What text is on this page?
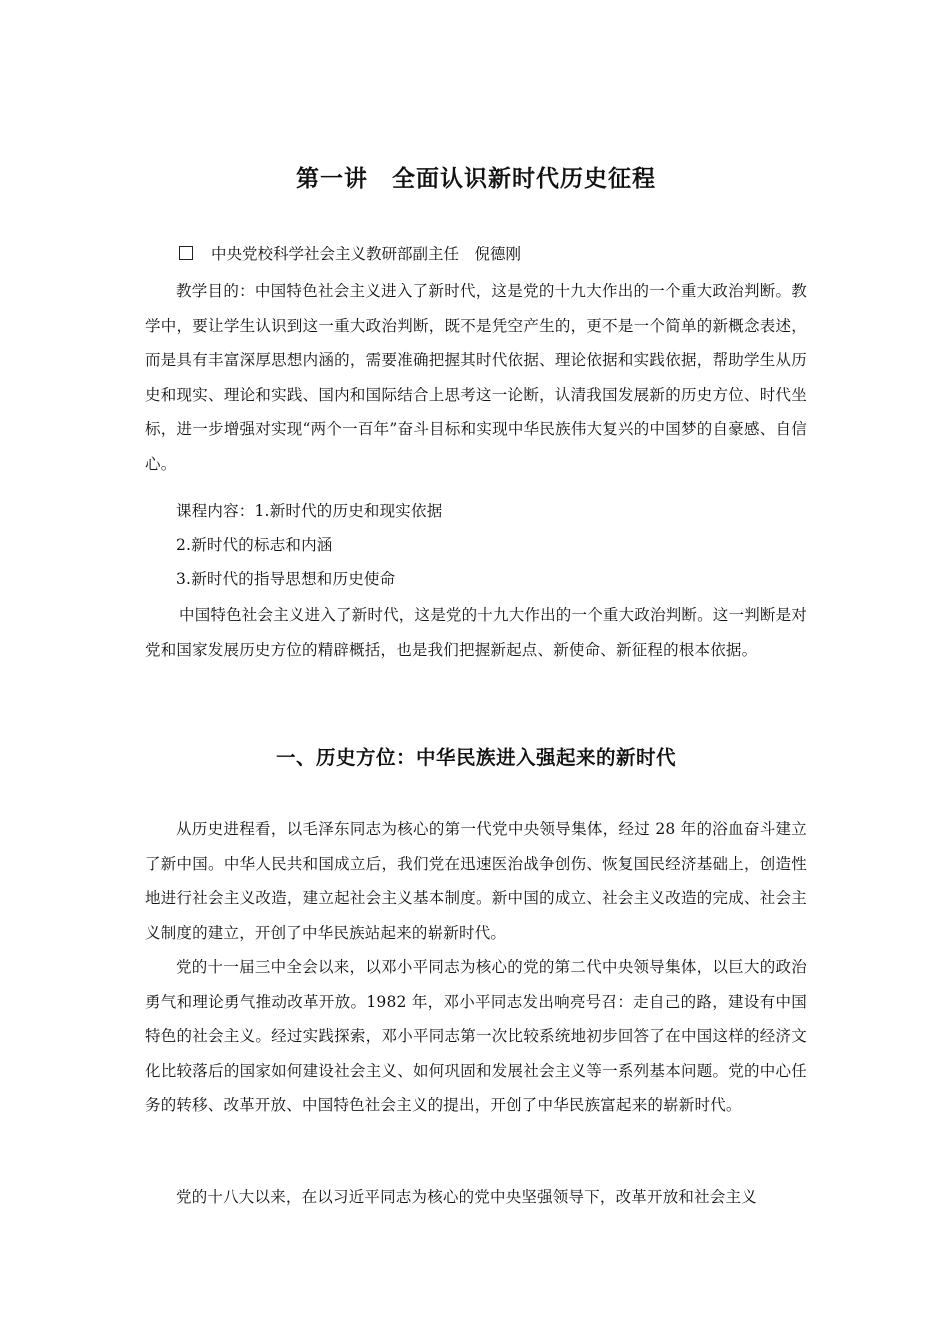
第一讲　全面认识新时代历史征程

中央党校科学社会主义教研部副主任　倪德刚

教学目的：中国特色社会主义进入了新时代，这是党的十九大作出的一个重大政治判断。教学中，要让学生认识到这一重大政治判断，既不是凭空产生的，更不是一个简单的新概念表述，而是具有丰富深厚思想内涵的，需要准确把握其时代依据、理论依据和实践依据，帮助学生从历史和现实、理论和实践、国内和国际结合上思考这一论断，认清我国发展新的历史方位、时代坐标，进一步增强对实现“两个一百年”奋斗目标和实现中华民族伟大复兴的中国梦的自豪感、自信心。

课程内容：1.新时代的历史和现实依据

2.新时代的标志和内涵

3.新时代的指导思想和历史使命

中国特色社会主义进入了新时代，这是党的十九大作出的一个重大政治判断。这一判断是对党和国家发展历史方位的精辟概括，也是我们把握新起点、新使命、新征程的根本依据。

一、历史方位：中华民族进入强起来的新时代

从历史进程看，以毛泽东同志为核心的第一代党中央领导集体，经过 28 年的浴血奋斗建立了新中国。中华人民共和国成立后，我们党在迅速医治战争创伤、恢复国民经济基础上，创造性地进行社会主义改造，建立起社会主义基本制度。新中国的成立、社会主义改造的完成、社会主义制度的建立，开创了中华民族站起来的崭新时代。

党的十一届三中全会以来，以邓小平同志为核心的党的第二代中央领导集体，以巨大的政治勇气和理论勇气推动改革开放。1982 年，邓小平同志发出响亮号召：走自己的路，建设有中国特色的社会主义。经过实践探索，邓小平同志第一次比较系统地初步回答了在中国这样的经济文化比较落后的国家如何建设社会主义、如何巩固和发展社会主义等一系列基本问题。党的中心任务的转移、改革开放、中国特色社会主义的提出，开创了中华民族富起来的崭新时代。

党的十八大以来，在以习近平同志为核心的党中央坚强领导下，改革开放和社会主义
